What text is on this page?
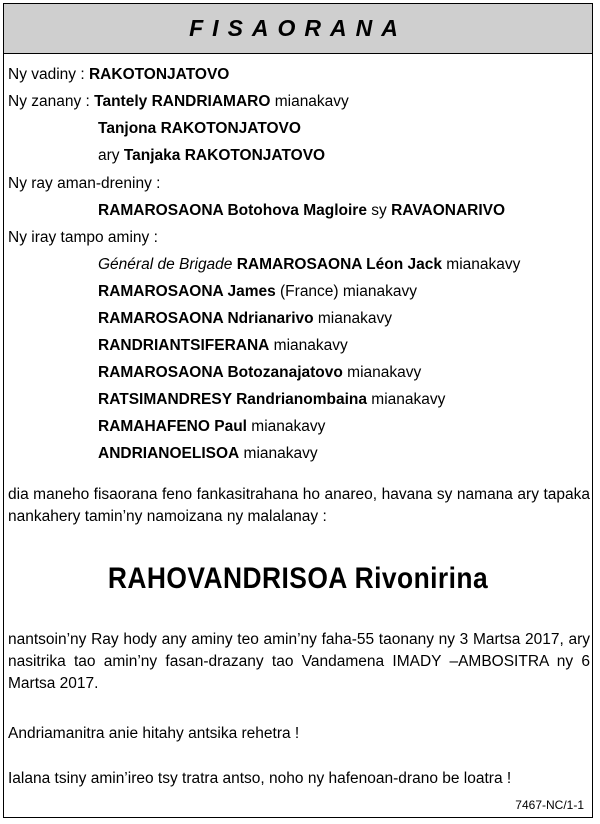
FISAORANA
Ny vadiny : RAKOTONJATOVO
Ny zanany : Tantely RANDRIAMARO mianakavy
Tanjona RAKOTONJATOVO
ary Tanjaka RAKOTONJATOVO
Ny ray aman-dreniny :
RAMAROSAONA Botohova Magloire sy RAVAONARIVO
Ny iray tampo aminy :
Général de Brigade RAMAROSAONA Léon Jack mianakavy
RAMAROSAONA James (France) mianakavy
RAMAROSAONA Ndrianarivo mianakavy
RANDRIANTSIFERANA mianakavy
RAMAROSAONA Botozanajatovo mianakavy
RATSIMANDRESY Randrianombaina mianakavy
RAMAHAFENO Paul mianakavy
ANDRIANOELISOA mianakavy
dia maneho fisaorana feno fankasitrahana ho anareo, havana sy namana ary tapaka nankahery tamin’ny namoizana ny malalanay :
RAHOVANDRISOA Rivonirina
nantsoin’ny Ray hody any aminy teo amin’ny faha-55 taonany ny 3 Martsa 2017, ary nasitrika tao amin’ny fasan-drazany tao Vandamena IMADY –AMBOSITRA ny 6 Martsa 2017.
Andriamanitra anie hitahy antsika rehetra !
Ialana tsiny amin’ireo tsy tratra antso, noho ny hafenoan-drano be loatra !
7467-NC/1-1
